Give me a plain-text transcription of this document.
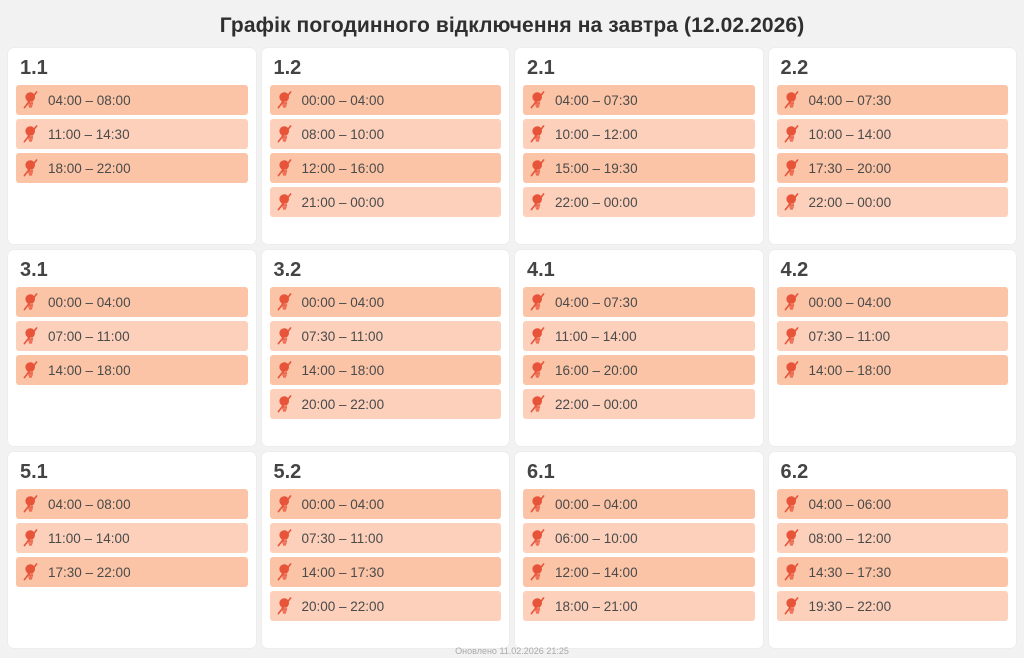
Графік погодинного відключення на завтра (12.02.2026)
1.1
04:00 – 08:00
11:00 – 14:30
18:00 – 22:00
1.2
00:00 – 04:00
08:00 – 10:00
12:00 – 16:00
21:00 – 00:00
2.1
04:00 – 07:30
10:00 – 12:00
15:00 – 19:30
22:00 – 00:00
2.2
04:00 – 07:30
10:00 – 14:00
17:30 – 20:00
22:00 – 00:00
3.1
00:00 – 04:00
07:00 – 11:00
14:00 – 18:00
3.2
00:00 – 04:00
07:30 – 11:00
14:00 – 18:00
20:00 – 22:00
4.1
04:00 – 07:30
11:00 – 14:00
16:00 – 20:00
22:00 – 00:00
4.2
00:00 – 04:00
07:30 – 11:00
14:00 – 18:00
5.1
04:00 – 08:00
11:00 – 14:00
17:30 – 22:00
5.2
00:00 – 04:00
07:30 – 11:00
14:00 – 17:30
20:00 – 22:00
6.1
00:00 – 04:00
06:00 – 10:00
12:00 – 14:00
18:00 – 21:00
6.2
04:00 – 06:00
08:00 – 12:00
14:30 – 17:30
19:30 – 22:00
Оновлено 11.02.2026 21:25
